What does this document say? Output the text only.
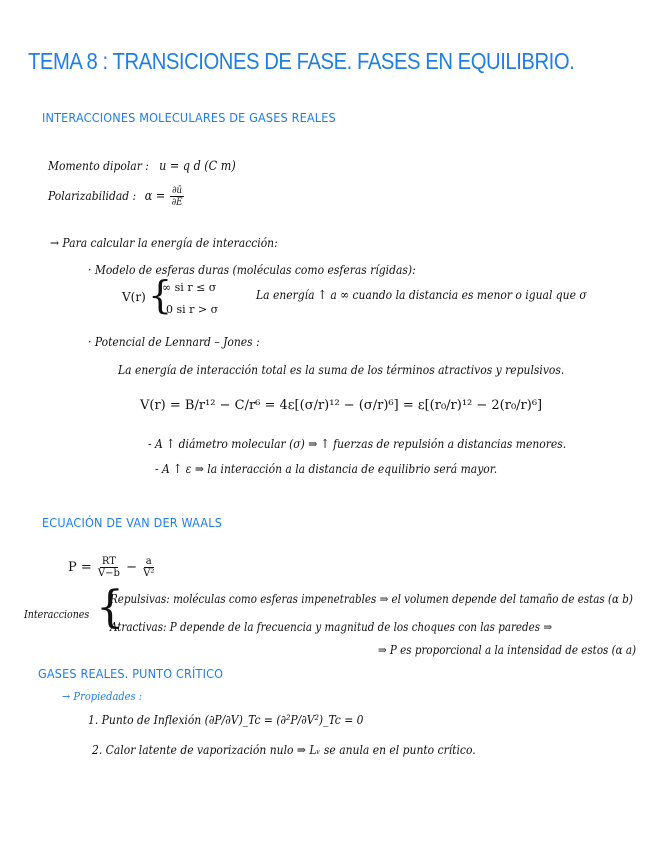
TEMA 8 : TRANSICIONES DE FASE. FASES EN EQUILIBRIO.
INTERACCIONES MOLECULARES DE GASES REALES
Momento dipolar : u = q d (C m)
Polarizabilidad : $\alpha = \frac{\partial ū}{\partial E}$
→ Para calcular la energía de interacción:
· Modelo de esferas duras (moléculas como esferas rígidas):
V(r) {
∞ si r ≤ σ
0 si r > σ
La energía ↑ a ∞ cuando la distancia es menor o igual que σ
· Potencial de Lennard – Jones :
La energía de interacción total es la suma de los términos atractivos y repulsivos.
V(r) = B/r¹² − C/r⁶ = 4ε[(σ/r)¹² − (σ/r)⁶] = ε[(r₀/r)¹² − 2(r₀/r)⁶]
- A ↑ diámetro molecular (σ) ⇒ ↑ fuerzas de repulsión a distancias menores.
- A ↑ ε ⇒ la interacción a la distancia de equilibrio será mayor.
ECUACIÓN DE VAN DER WAALS
$P = \frac{RT}{V-b} - \frac{a}{\text{V²}}$
Interacciones {
Repulsivas: moléculas como esferas impenetrables ⇒ el volumen depende del tamaño de estas (α b)
Atractivas: P depende de la frecuencia y magnitud de los choques con las paredes ⇒
⇒ P es proporcional a la intensidad de estos (α a)
GASES REALES. PUNTO CRÍTICO
→ Propiedades :
1. Punto de Inflexión (∂P/∂V)_Tc = (∂²P/∂V²)_Tc = 0
2. Calor latente de vaporización nulo ⇒ Lᵥ se anula en el punto crítico.
